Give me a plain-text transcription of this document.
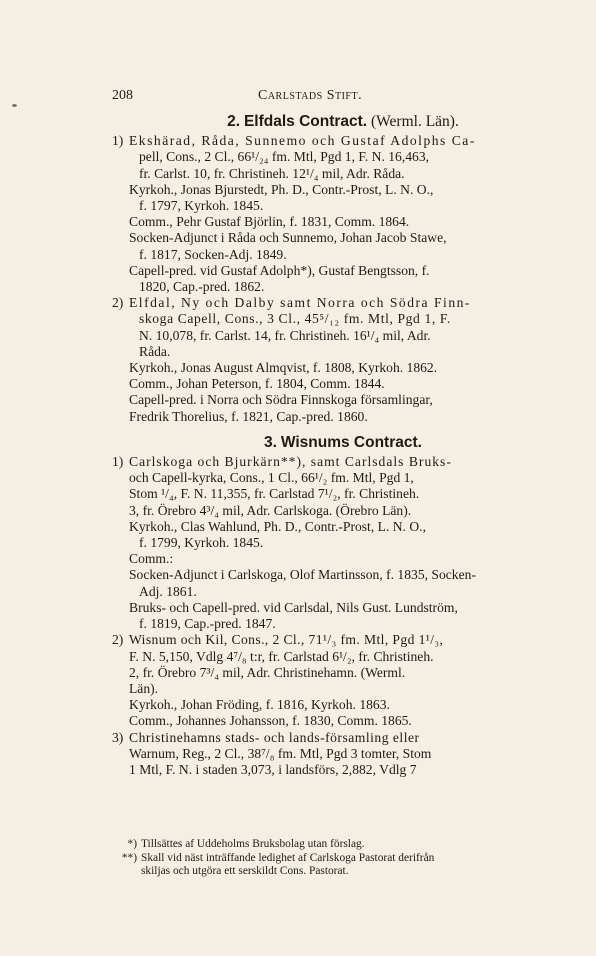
208	Carlstads Stift.
2. Elfdals Contract. (Werml. Län).
1) Ekshärad, Råda, Sunnemo och Gustaf Adolphs Ca-
pell, Cons., 2 Cl., 66¹/₂₄ fm. Mtl, Pgd 1, F. N. 16,463,
fr. Carlst. 10, fr. Christineh. 12¹/₄ mil, Adr. Råda.
Kyrkoh., Jonas Bjurstedt, Ph. D., Contr.-Prost, L. N. O.,
f. 1797, Kyrkoh. 1845.
Comm., Pehr Gustaf Björlin, f. 1831, Comm. 1864.
Socken-Adjunct i Råda och Sunnemo, Johan Jacob Stawe,
f. 1817, Socken-Adj. 1849.
Capell-pred. vid Gustaf Adolph*), Gustaf Bengtsson, f.
1820, Cap.-pred. 1862.
2) Elfdal, Ny och Dalby samt Norra och Södra Finn-
skoga Capell, Cons., 3 Cl., 45⁵/₁₂ fm. Mtl, Pgd 1, F.
N. 10,078, fr. Carlst. 14, fr. Christineh. 16¹/₄ mil, Adr.
Råda.
Kyrkoh., Jonas August Almqvist, f. 1808, Kyrkoh. 1862.
Comm., Johan Peterson, f. 1804, Comm. 1844.
Capell-pred. i Norra och Södra Finnskoga församlingar,
Fredrik Thorelius, f. 1821, Cap.-pred. 1860.
3. Wisnums Contract.
1) Carlskoga och Bjurkärn**), samt Carlsdals Bruks-
och Capell-kyrka, Cons., 1 Cl., 66¹/₂ fm. Mtl, Pgd 1,
Stom ¹/₄, F. N. 11,355, fr. Carlstad 7¹/₂, fr. Christineh.
3, fr. Örebro 4³/₄ mil, Adr. Carlskoga. (Örebro Län).
Kyrkoh., Clas Wahlund, Ph. D., Contr.-Prost, L. N. O.,
f. 1799, Kyrkoh. 1845.
Comm.:
Socken-Adjunct i Carlskoga, Olof Martinsson, f. 1835, Socken-
Adj. 1861.
Bruks- och Capell-pred. vid Carlsdal, Nils Gust. Lundström,
f. 1819, Cap.-pred. 1847.
2) Wisnum och Kil, Cons., 2 Cl., 71¹/₃ fm. Mtl, Pgd 1¹/₃,
F. N. 5,150, Vdlg 4⁷/₈ t:r, fr. Carlstad 6¹/₂, fr. Christineh.
2, fr. Örebro 7³/₄ mil, Adr. Christinehamn. (Werml.
Län).
Kyrkoh., Johan Fröding, f. 1816, Kyrkoh. 1863.
Comm., Johannes Johansson, f. 1830, Comm. 1865.
3) Christinehamns stads- och lands-församling eller
Warnum, Reg., 2 Cl., 38⁷/₈ fm. Mtl, Pgd 3 tomter, Stom
1 Mtl, F. N. i staden 3,073, i landsförs, 2,882, Vdlg 7
*) Tillsättes af Uddeholms Bruksbolag utan förslag.
**) Skall vid näst inträffande ledighet af Carlskoga Pastorat derifrån
skiljas och utgöra ett serskildt Cons. Pastorat.
